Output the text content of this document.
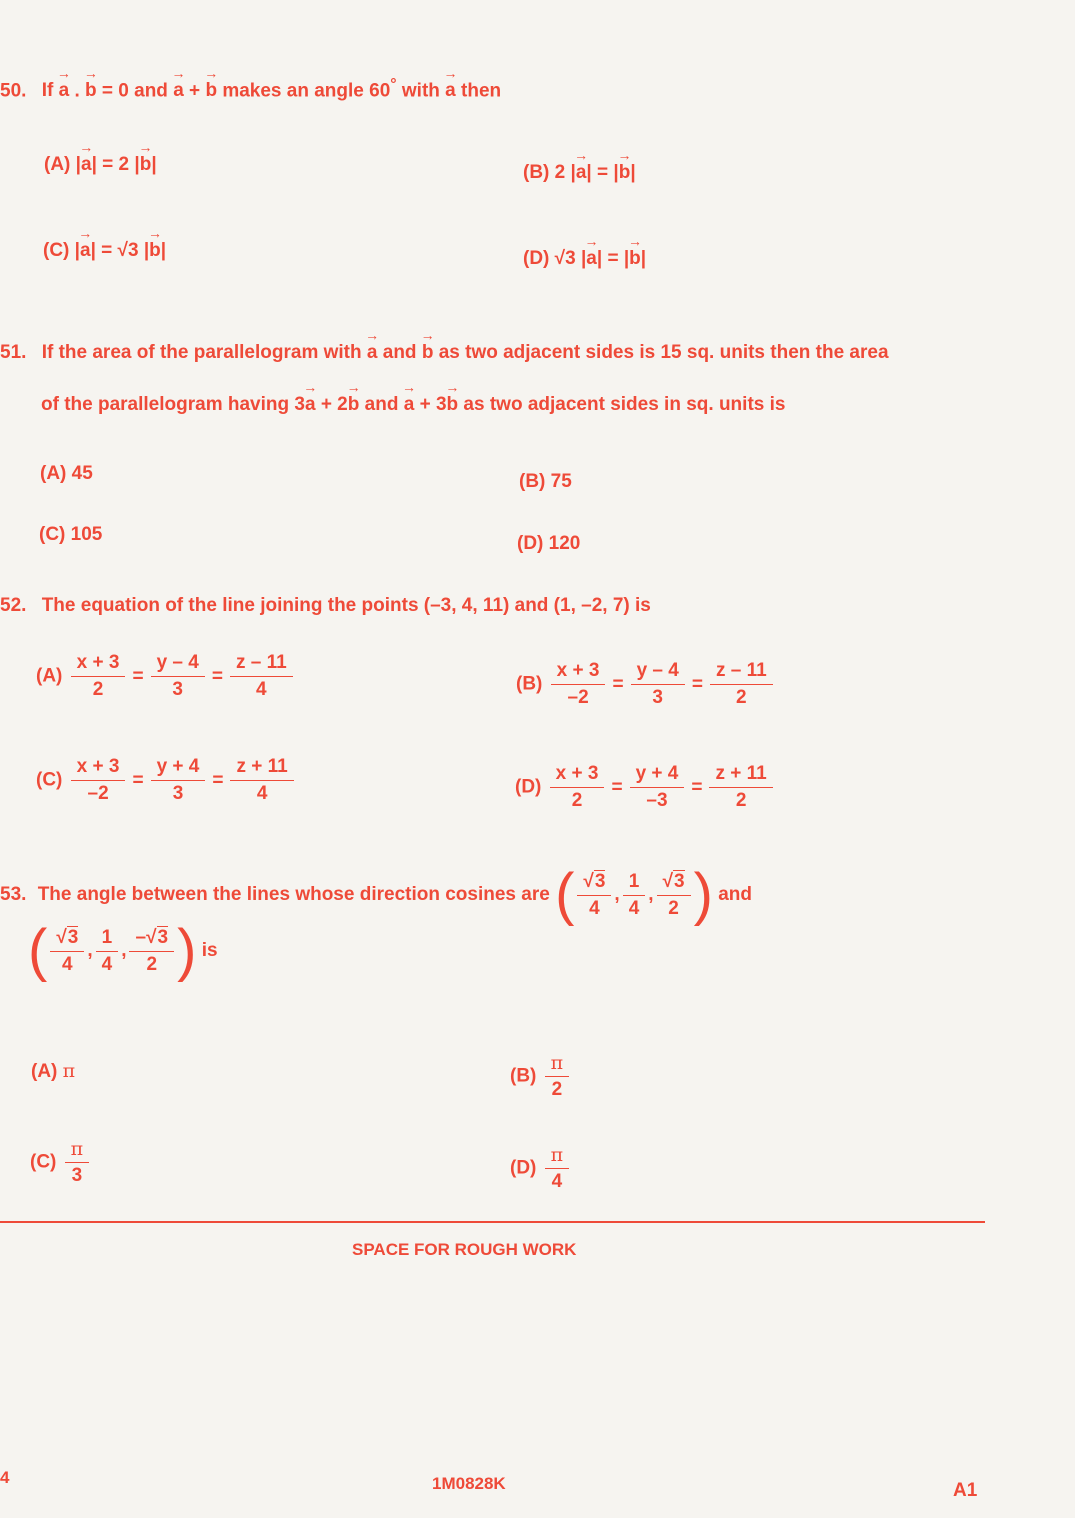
50. If → a . → b = 0 and → a + → b makes an angle 60° with → a then
(A) |→ a| = 2 |→ b|	(B) 2 |→ a| = |→ b|
(C) |→ a| = √3 |→ b|	(D) √3 |→ a| = |→ b|
51. If the area of the parallelogram with → a and → b as two adjacent sides is 15 sq. units then the area
of the parallelogram having 3→ a + 2→ b and → a + 3→ b as two adjacent sides in sq. units is
(A) 45	(B) 75
(C) 105	(D) 120
52. The equation of the line joining the points (–3, 4, 11) and (1, –2, 7) is
$(A) \frac{x + 3}{2} = \frac{y - 4}{3} = \frac{z - 11}{4}$	$(B) \frac{x + 3}{-2} = \frac{y - 4}{3} = \frac{z - 11}{2}$
$(C) \frac{x + 3}{-2} = \frac{y + 4}{3} = \frac{z + 11}{4}$	$(D) \frac{x + 3}{2} = \frac{y + 4}{-3} = \frac{z + 11}{2}$
53. The angle between the lines whose direction cosines are ( $\frac{√3}{4}$ , $\frac{1}{4}$ , $\frac{√3}{2}$ ) and
( $\frac{√3}{4}$ , $\frac{1}{4}$ , $\frac{-√3}{2}$ ) is
(A) π	$(B) \frac{\pi}{2}$
$(C) \frac{\pi}{3}$	$(D) \frac{\pi}{4}$
SPACE FOR ROUGH WORK
4	1M0828K	A1
